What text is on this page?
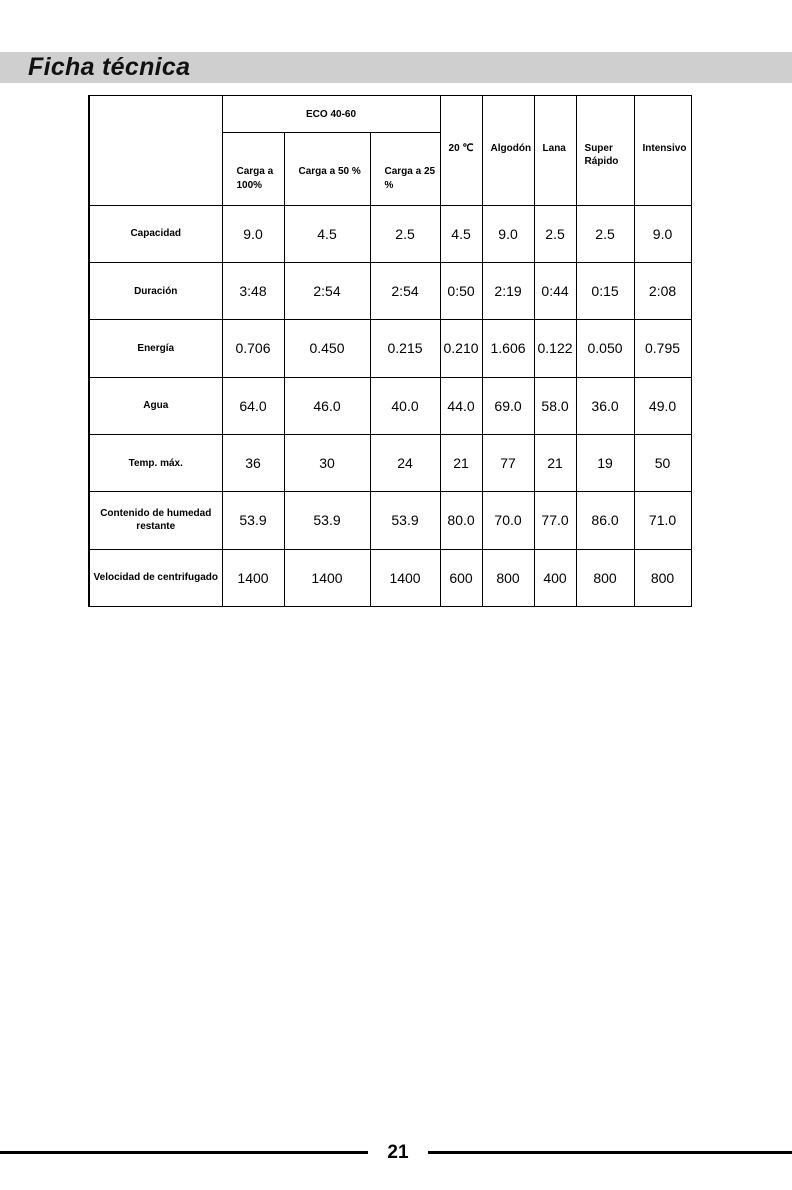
Ficha técnica
	ECO 40-60			20 ℃	Algodón	Lana	Super Rápido	Intensivo

	Carga a 100%	Carga a 50 %	Carga a 25 %					
Capacidad	9.0	4.5	2.5	4.5	9.0	2.5	2.5	9.0
Duración	3:48	2:54	2:54	0:50	2:19	0:44	0:15	2:08
Energía	0.706	0.450	0.215	0.210	1.606	0.122	0.050	0.795
Agua	64.0	46.0	40.0	44.0	69.0	58.0	36.0	49.0
Temp. máx.	36	30	24	21	77	21	19	50
Contenido de humedad restante	53.9	53.9	53.9	80.0	70.0	77.0	86.0	71.0
Velocidad de centrifugado	1400	1400	1400	600	800	400	800	800
21
